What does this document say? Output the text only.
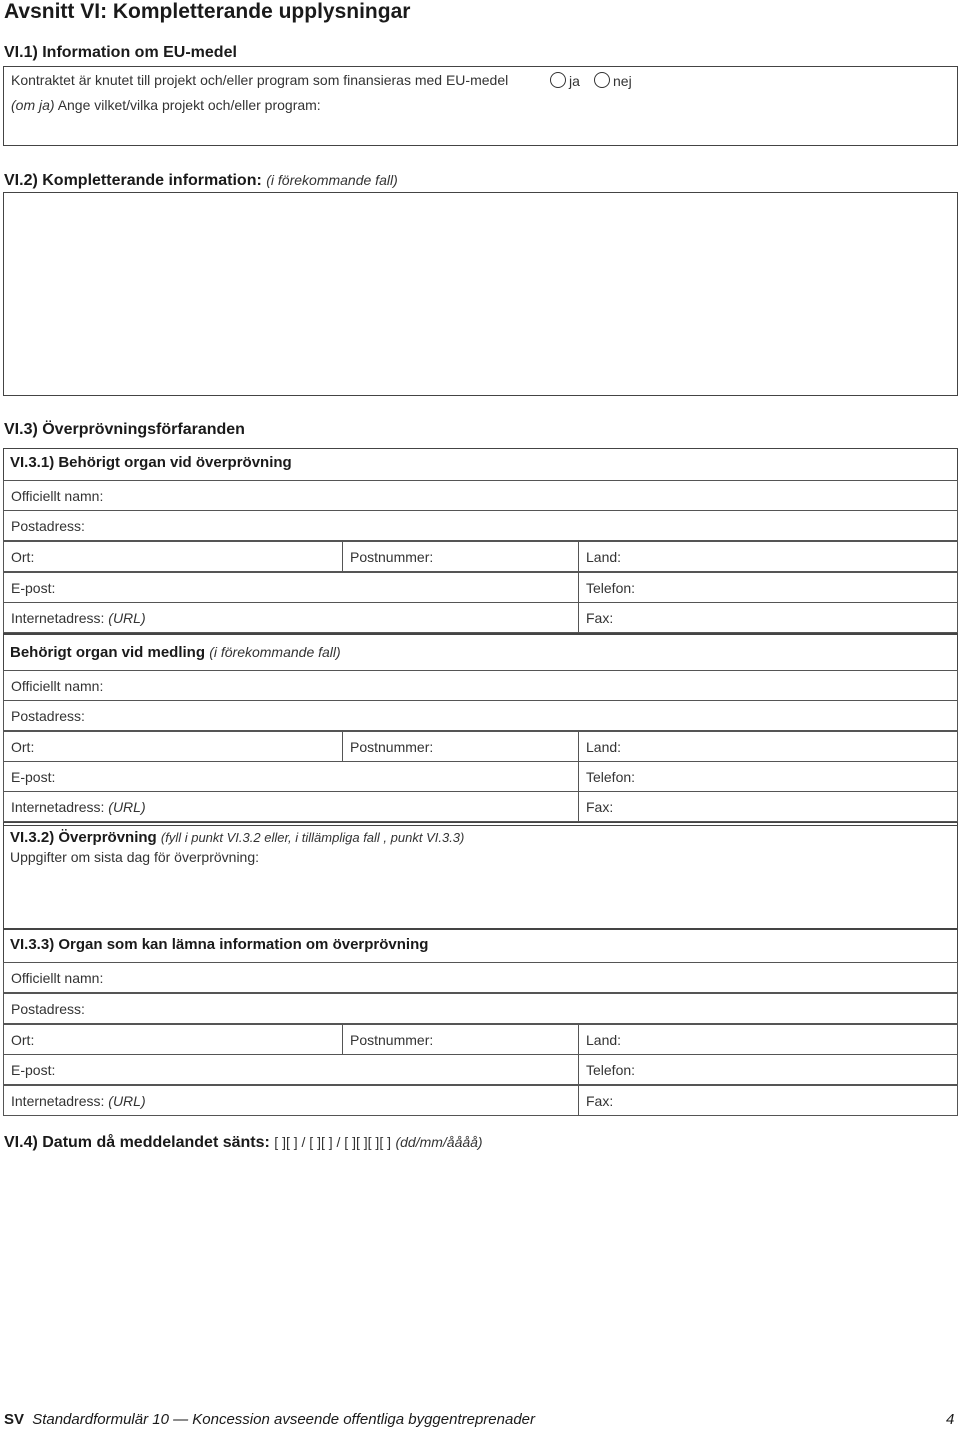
Avsnitt VI: Kompletterande upplysningar
VI.1) Information om EU-medel
Kontraktet är knutet till projekt och/eller program som finansieras med EU-medel	ja	nej
(om ja) Ange vilket/vilka projekt och/eller program:
VI.2) Kompletterande information: (i förekommande fall)
VI.3) Överprövningsförfaranden
VI.3.1) Behörigt organ vid överprövning
Officiellt namn:
Postadress:
Ort:	Postnummer:	Land:
E-post:	Telefon:
Internetadress: (URL)	Fax:
Behörigt organ vid medling (i förekommande fall)
Officiellt namn:
Postadress:
Ort:	Postnummer:	Land:
E-post:	Telefon:
Internetadress: (URL)	Fax:
VI.3.2) Överprövning (fyll i punkt VI.3.2 eller, i tillämpliga fall , punkt VI.3.3)
Uppgifter om sista dag för överprövning:
VI.3.3) Organ som kan lämna information om överprövning
Officiellt namn:
Postadress:
Ort:	Postnummer:	Land:
E-post:	Telefon:
Internetadress: (URL)	Fax:
VI.4) Datum då meddelandet sänts: [ ][ ] / [ ][ ] / [ ][ ][ ][ ] (dd/mm/åååå)
SV Standardformulär 10 — Koncession avseende offentliga byggentreprenader	4
